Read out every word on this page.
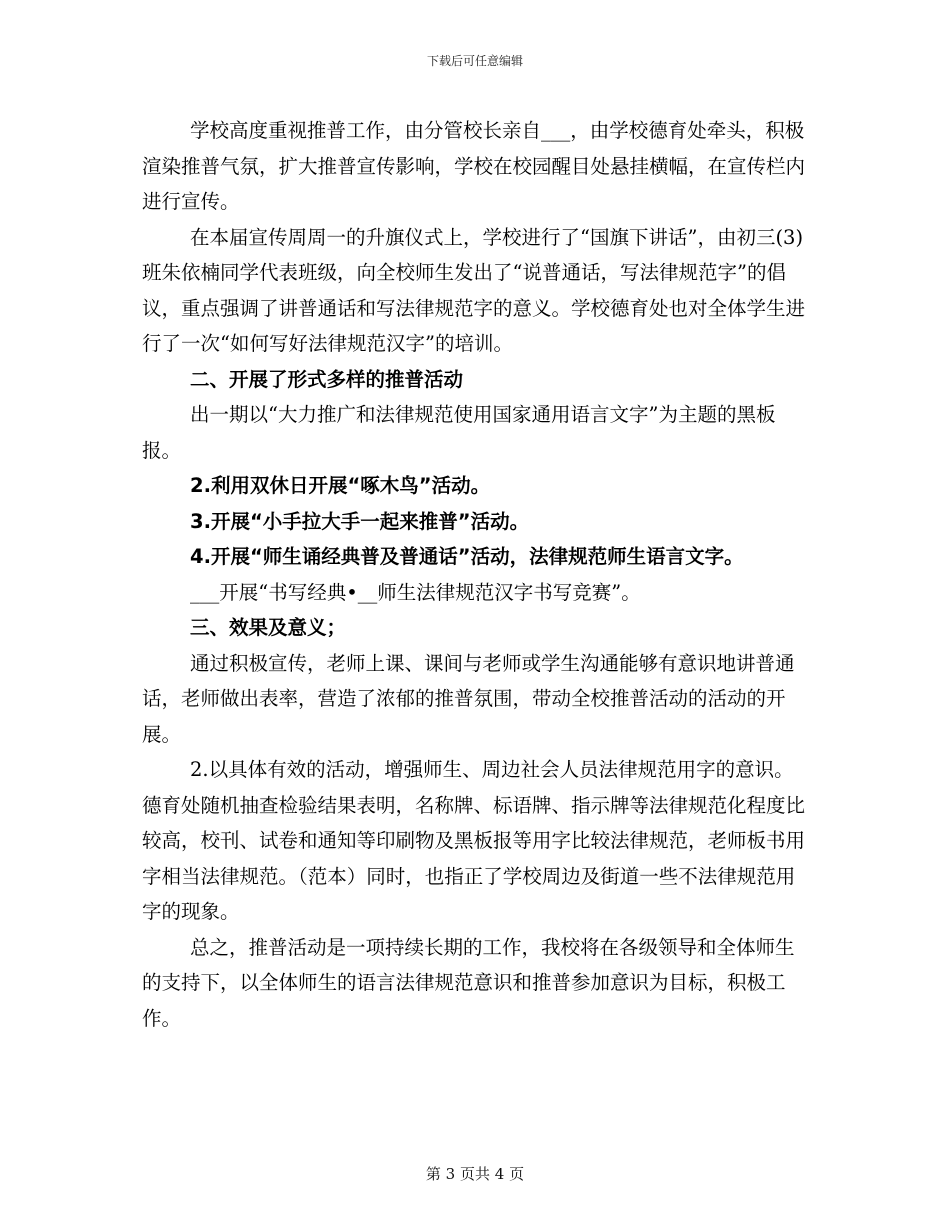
下载后可任意编辑

学校高度重视推普工作，由分管校长亲自___，由学校德育处牵头，积极渲染推普气氛，扩大推普宣传影响，学校在校园醒目处悬挂横幅，在宣传栏内进行宣传。

在本届宣传周周一的升旗仪式上，学校进行了“国旗下讲话”，由初三(3)班朱依楠同学代表班级，向全校师生发出了“说普通话，写法律规范字”的倡议，重点强调了讲普通话和写法律规范字的意义。学校德育处也对全体学生进行了一次“如何写好法律规范汉字”的培训。

二、开展了形式多样的推普活动

出一期以“大力推广和法律规范使用国家通用语言文字”为主题的黑板报。

2.利用双休日开展“啄木鸟”活动。

3.开展“小手拉大手一起来推普”活动。

4.开展“师生诵经典普及普通话”活动，法律规范师生语言文字。

___开展“书写经典•__师生法律规范汉字书写竞赛”。

三、效果及意义；

通过积极宣传，老师上课、课间与老师或学生沟通能够有意识地讲普通话，老师做出表率，营造了浓郁的推普氛围，带动全校推普活动的活动的开展。

2.以具体有效的活动，增强师生、周边社会人员法律规范用字的意识。德育处随机抽查检验结果表明，名称牌、标语牌、指示牌等法律规范化程度比较高，校刊、试卷和通知等印刷物及黑板报等用字比较法律规范，老师板书用字相当法律规范。（范本）同时，也指正了学校周边及街道一些不法律规范用字的现象。

总之，推普活动是一项持续长期的工作，我校将在各级领导和全体师生的支持下，以全体师生的语言法律规范意识和推普参加意识为目标，积极工作。

第 3 页共 4 页
